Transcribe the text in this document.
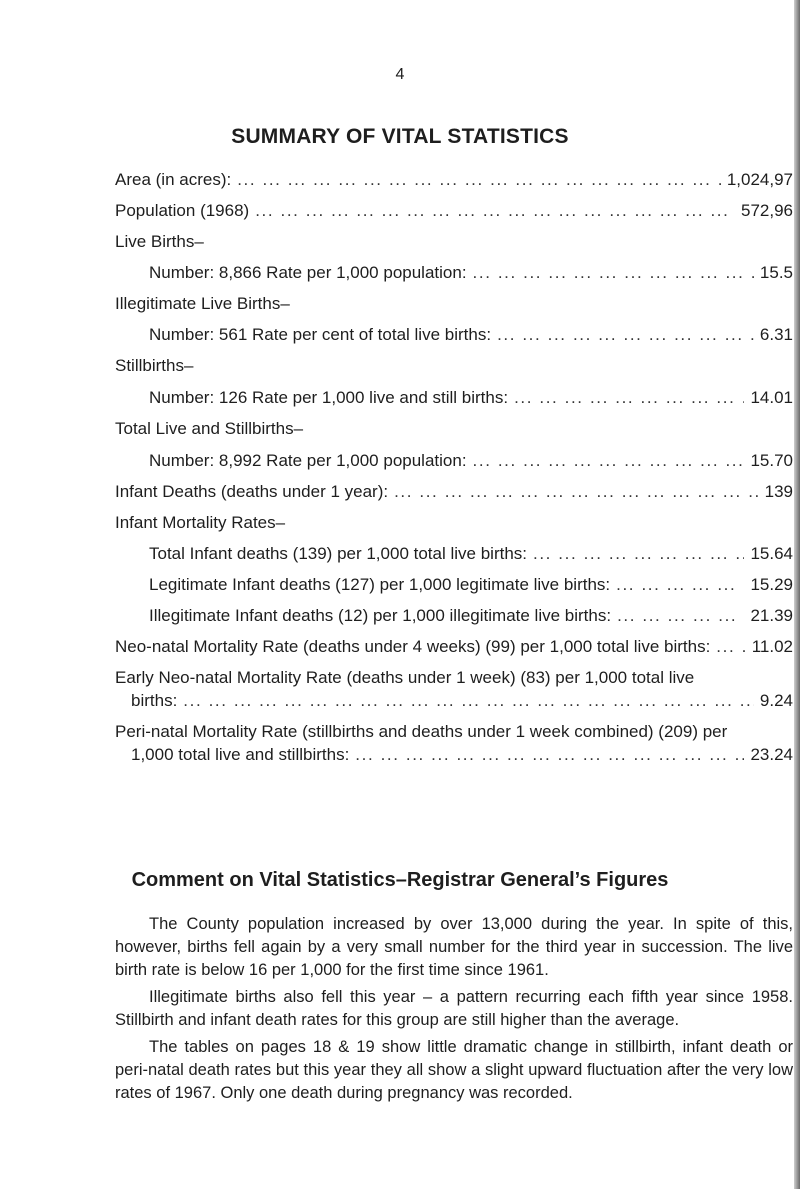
4
SUMMARY OF VITAL STATISTICS
Area (in acres): ... .	1,024,97
Population (1968) ... .	572,96
Live Births–
Number: 8,866 Rate per 1,000 population: ... .	15.5
Illegitimate Live Births–
Number: 561 Rate per cent of total live births: ... .	6.31
Stillbirths–
Number: 126 Rate per 1,000 live and still births: ... .	14.01
Total Live and Stillbirths–
Number: 8,992 Rate per 1,000 population: ... .	15.70
Infant Deaths (deaths under 1 year): ... .	139
Infant Mortality Rates–
Total Infant deaths (139) per 1,000 total live births: ... .	15.64
Legitimate Infant deaths (127) per 1,000 legitimate live births: ... .	15.29
Illegitimate Infant deaths (12) per 1,000 illegitimate live births: ... .	21.39
Neo-natal Mortality Rate (deaths under 4 weeks) (99) per 1,000 total live births: ... . 11.02
Early Neo-natal Mortality Rate (deaths under 1 week) (83) per 1,000 total live
births: ... .	9.24
Peri-natal Mortality Rate (stillbirths and deaths under 1 week combined) (209) per
1,000 total live and stillbirths: ... .	23.24
Comment on Vital Statistics–Registrar General’s Figures
The County population increased by over 13,000 during the year. In spite of this, however, births fell again by a very small number for the third year in succession. The live birth rate is below 16 per 1,000 for the first time since 1961.
Illegitimate births also fell this year – a pattern recurring each fifth year since 1958. Stillbirth and infant death rates for this group are still higher than the average.
The tables on pages 18 & 19 show little dramatic change in stillbirth, infant death or peri-natal death rates but this year they all show a slight upward fluctuation after the very low rates of 1967. Only one death during pregnancy was recorded.
